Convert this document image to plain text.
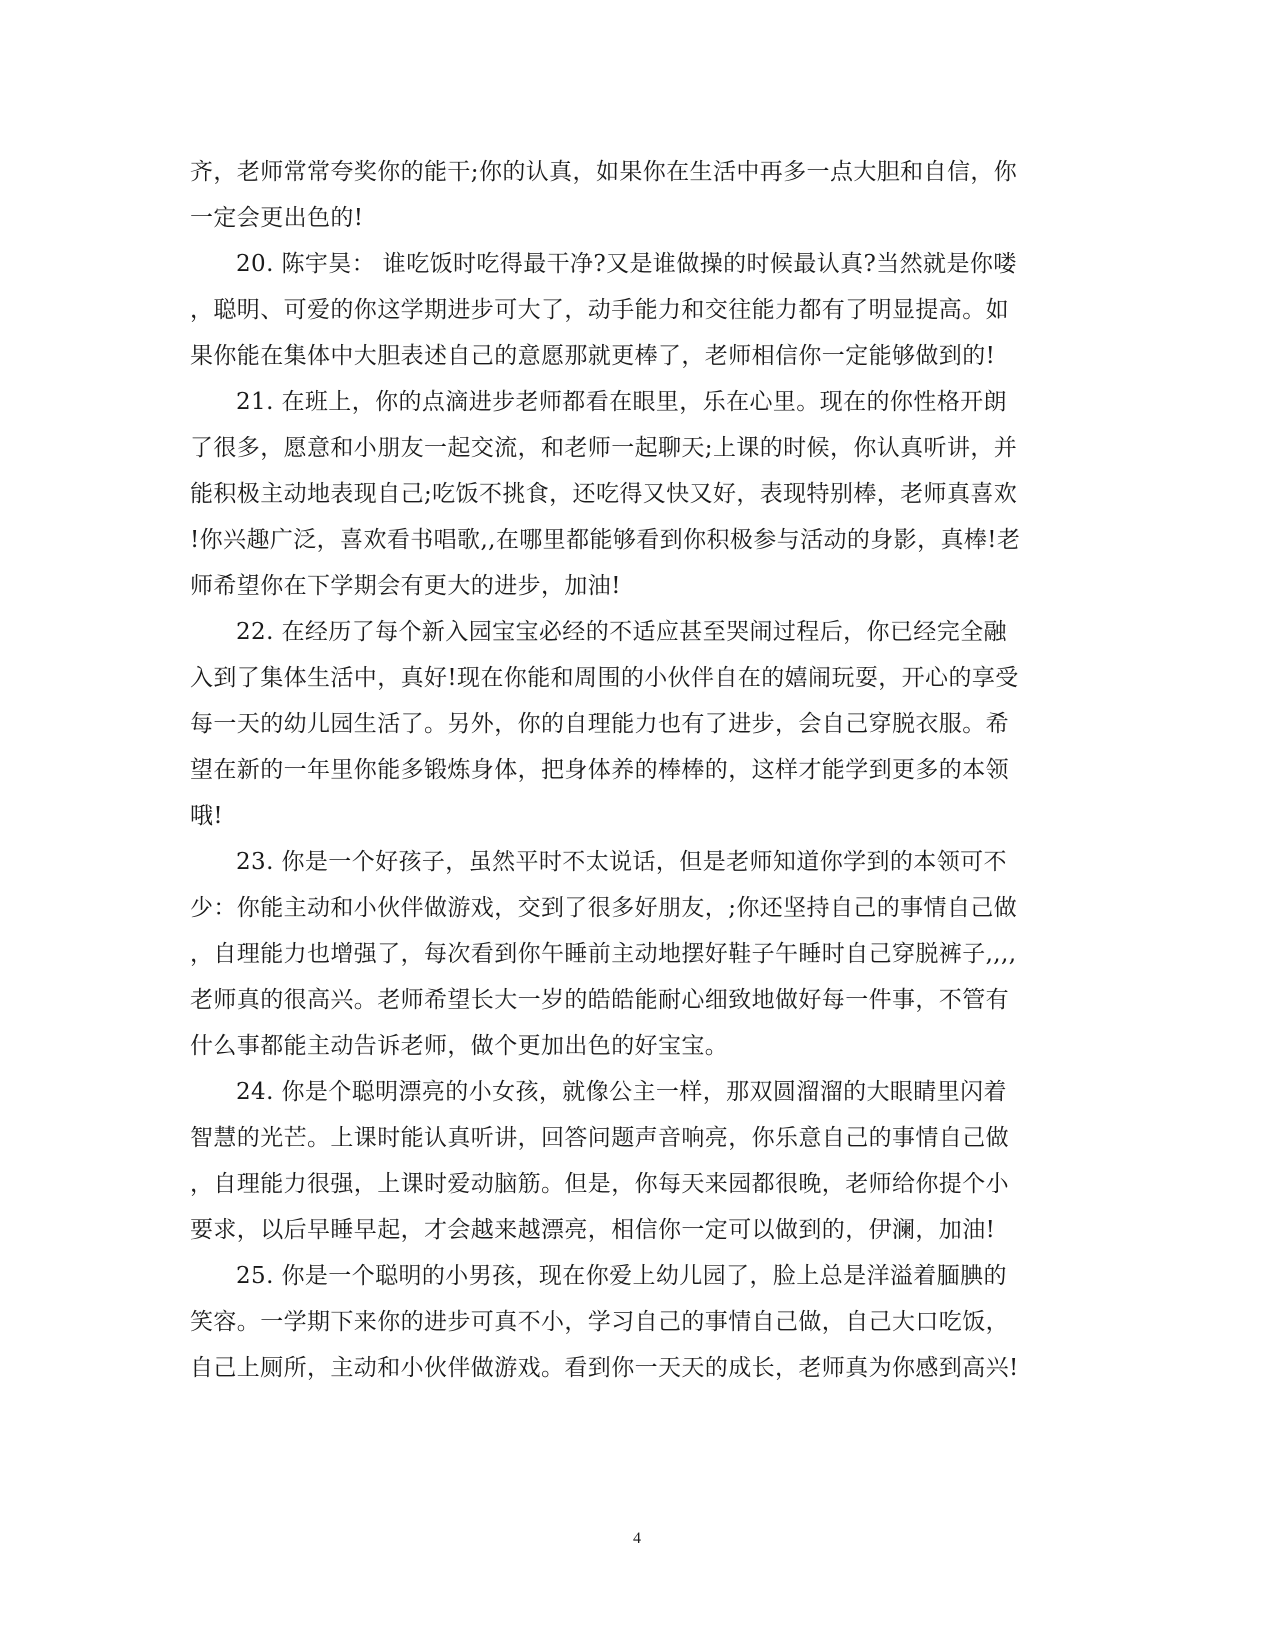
齐，老师常常夸奖你的能干;你的认真，如果你在生活中再多一点大胆和自信，你
一定会更出色的!
20. 陈宇昊： 谁吃饭时吃得最干净?又是谁做操的时候最认真?当然就是你喽
，聪明、可爱的你这学期进步可大了，动手能力和交往能力都有了明显提高。如
果你能在集体中大胆表述自己的意愿那就更棒了，老师相信你一定能够做到的!
21. 在班上，你的点滴进步老师都看在眼里，乐在心里。现在的你性格开朗
了很多，愿意和小朋友一起交流，和老师一起聊天;上课的时候，你认真听讲，并
能积极主动地表现自己;吃饭不挑食，还吃得又快又好，表现特别棒，老师真喜欢
!你兴趣广泛，喜欢看书唱歌,,在哪里都能够看到你积极参与活动的身影，真棒!老
师希望你在下学期会有更大的进步，加油!
22. 在经历了每个新入园宝宝必经的不适应甚至哭闹过程后，你已经完全融
入到了集体生活中，真好!现在你能和周围的小伙伴自在的嬉闹玩耍，开心的享受
每一天的幼儿园生活了。另外，你的自理能力也有了进步，会自己穿脱衣服。希
望在新的一年里你能多锻炼身体，把身体养的棒棒的，这样才能学到更多的本领
哦!
23. 你是一个好孩子，虽然平时不太说话，但是老师知道你学到的本领可不
少：你能主动和小伙伴做游戏，交到了很多好朋友，;你还坚持自己的事情自己做
，自理能力也增强了，每次看到你午睡前主动地摆好鞋子午睡时自己穿脱裤子,,,,
老师真的很高兴。老师希望长大一岁的皓皓能耐心细致地做好每一件事，不管有
什么事都能主动告诉老师，做个更加出色的好宝宝。
24. 你是个聪明漂亮的小女孩，就像公主一样，那双圆溜溜的大眼睛里闪着
智慧的光芒。上课时能认真听讲，回答问题声音响亮，你乐意自己的事情自己做
，自理能力很强，上课时爱动脑筋。但是，你每天来园都很晚，老师给你提个小
要求，以后早睡早起，才会越来越漂亮，相信你一定可以做到的，伊澜，加油!
25. 你是一个聪明的小男孩，现在你爱上幼儿园了，脸上总是洋溢着腼腆的
笑容。一学期下来你的进步可真不小，学习自己的事情自己做，自己大口吃饭，
自己上厕所，主动和小伙伴做游戏。看到你一天天的成长，老师真为你感到高兴!
4
